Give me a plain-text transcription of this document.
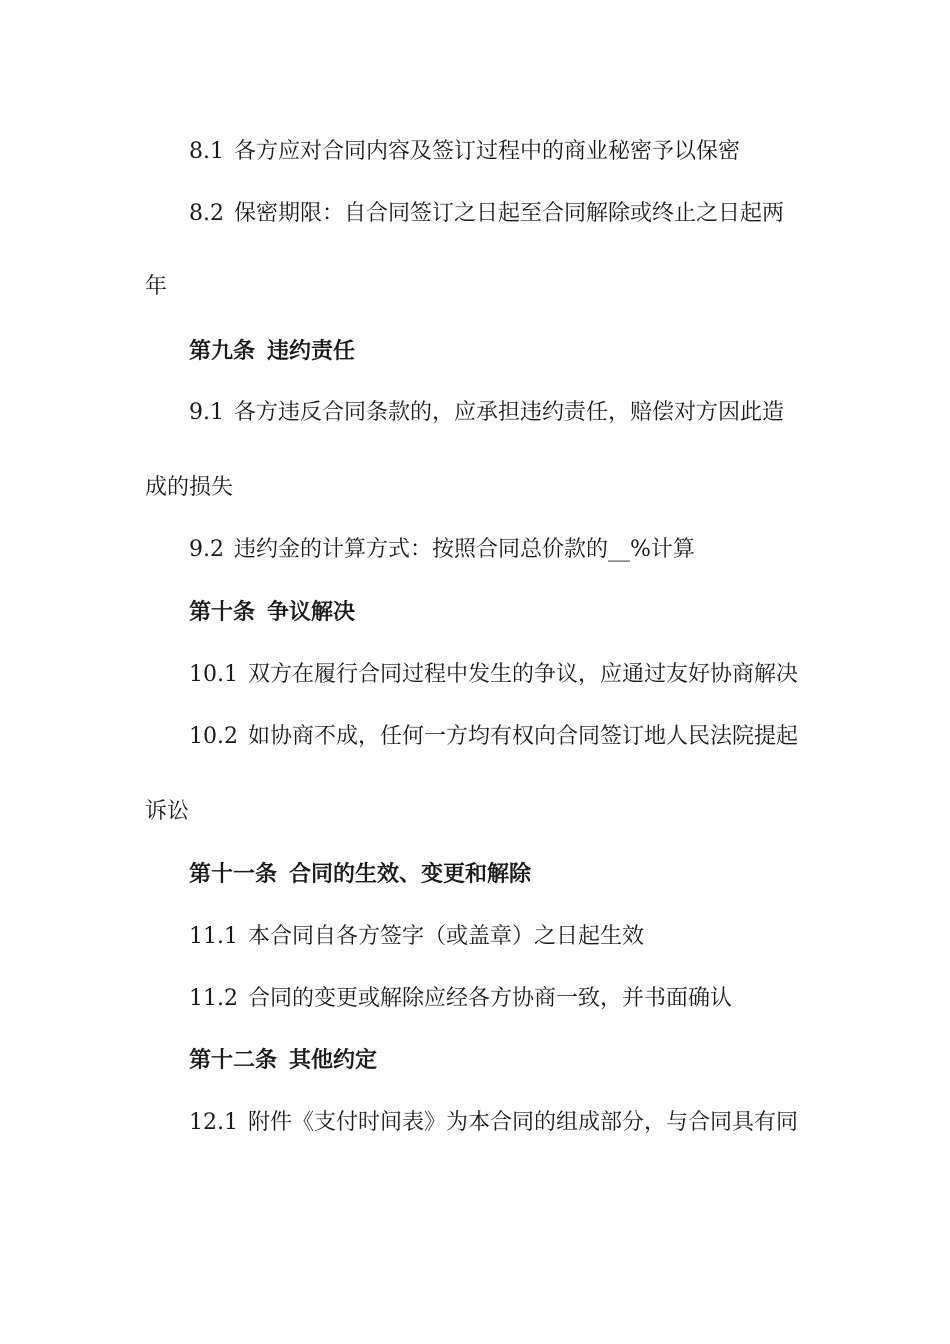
8.1 各方应对合同内容及签订过程中的商业秘密予以保密
8.2 保密期限：自合同签订之日起至合同解除或终止之日起两
年
第九条 违约责任
9.1 各方违反合同条款的，应承担违约责任，赔偿对方因此造
成的损失
9.2 违约金的计算方式：按照合同总价款的__%计算
第十条 争议解决
10.1 双方在履行合同过程中发生的争议，应通过友好协商解决
10.2 如协商不成，任何一方均有权向合同签订地人民法院提起
诉讼
第十一条 合同的生效、变更和解除
11.1 本合同自各方签字（或盖章）之日起生效
11.2 合同的变更或解除应经各方协商一致，并书面确认
第十二条 其他约定
12.1 附件《支付时间表》为本合同的组成部分，与合同具有同
